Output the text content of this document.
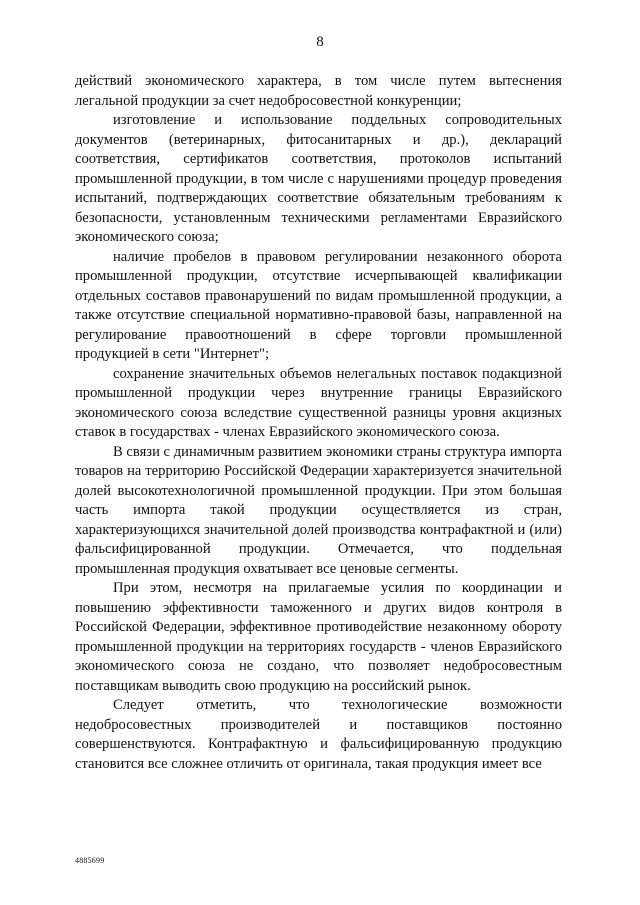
8

действий экономического характера, в том числе путем вытеснения легальной продукции за счет недобросовестной конкуренции;

изготовление и использование поддельных сопроводительных документов (ветеринарных, фитосанитарных и др.), деклараций соответствия, сертификатов соответствия, протоколов испытаний промышленной продукции, в том числе с нарушениями процедур проведения испытаний, подтверждающих соответствие обязательным требованиям к безопасности, установленным техническими регламентами Евразийского экономического союза;

наличие пробелов в правовом регулировании незаконного оборота промышленной продукции, отсутствие исчерпывающей квалификации отдельных составов правонарушений по видам промышленной продукции, а также отсутствие специальной нормативно-правовой базы, направленной на регулирование правоотношений в сфере торговли промышленной продукцией в сети "Интернет";

сохранение значительных объемов нелегальных поставок подакцизной промышленной продукции через внутренние границы Евразийского экономического союза вследствие существенной разницы уровня акцизных ставок в государствах - членах Евразийского экономического союза.

В связи с динамичным развитием экономики страны структура импорта товаров на территорию Российской Федерации характеризуется значительной долей высокотехнологичной промышленной продукции. При этом большая часть импорта такой продукции осуществляется из стран, характеризующихся значительной долей производства контрафактной и (или) фальсифицированной продукции. Отмечается, что поддельная промышленная продукция охватывает все ценовые сегменты.

При этом, несмотря на прилагаемые усилия по координации и повышению эффективности таможенного и других видов контроля в Российской Федерации, эффективное противодействие незаконному обороту промышленной продукции на территориях государств - членов Евразийского экономического союза не создано, что позволяет недобросовестным поставщикам выводить свою продукцию на российский рынок.

Следует отметить, что технологические возможности недобросовестных производителей и поставщиков постоянно совершенствуются. Контрафактную и фальсифицированную продукцию становится все сложнее отличить от оригинала, такая продукция имеет все

4885699
